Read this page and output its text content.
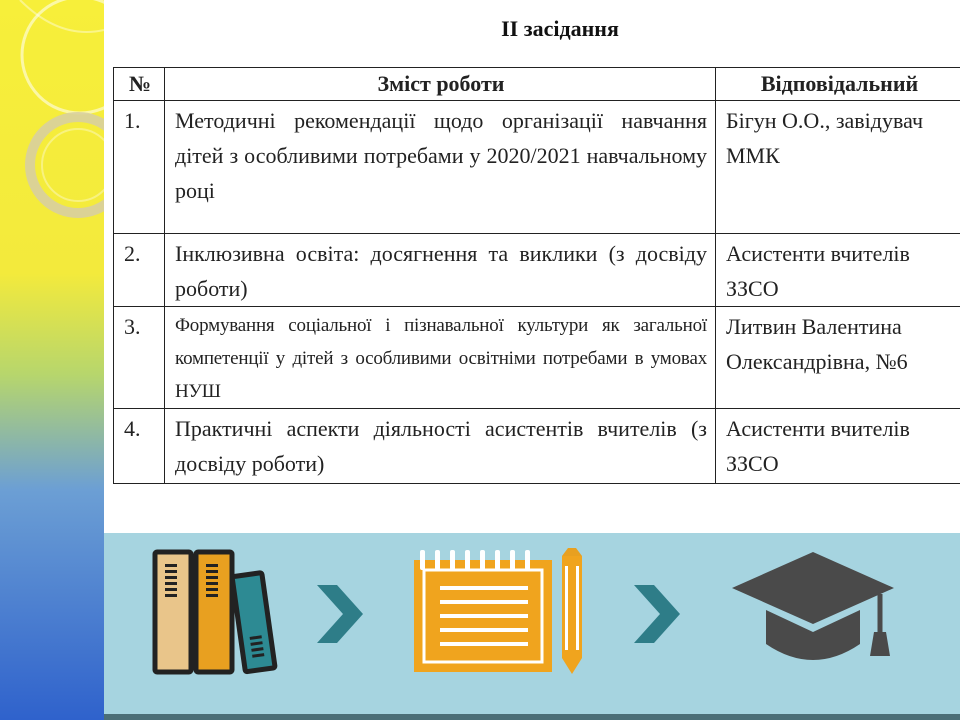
ІІ засідання
№	Зміст роботи	Відповідальний
1.	Методичні рекомендації щодо організації навчання дітей з особливими потребами у 2020/2021 навчальному році	Бігун О.О., завідувач ММК
2.	Інклюзивна освіта: досягнення та виклики (з досвіду роботи)	Асистенти вчителів ЗЗСО
3.	Формування соціальної і пізнавальної культури як загальної компетенції у дітей з особливими освітніми потребами в умовах НУШ	Литвин Валентина Олександрівна, №6
4.	Практичні аспекти діяльності асистентів вчителів (з досвіду роботи)	Асистенти вчителів ЗЗСО
